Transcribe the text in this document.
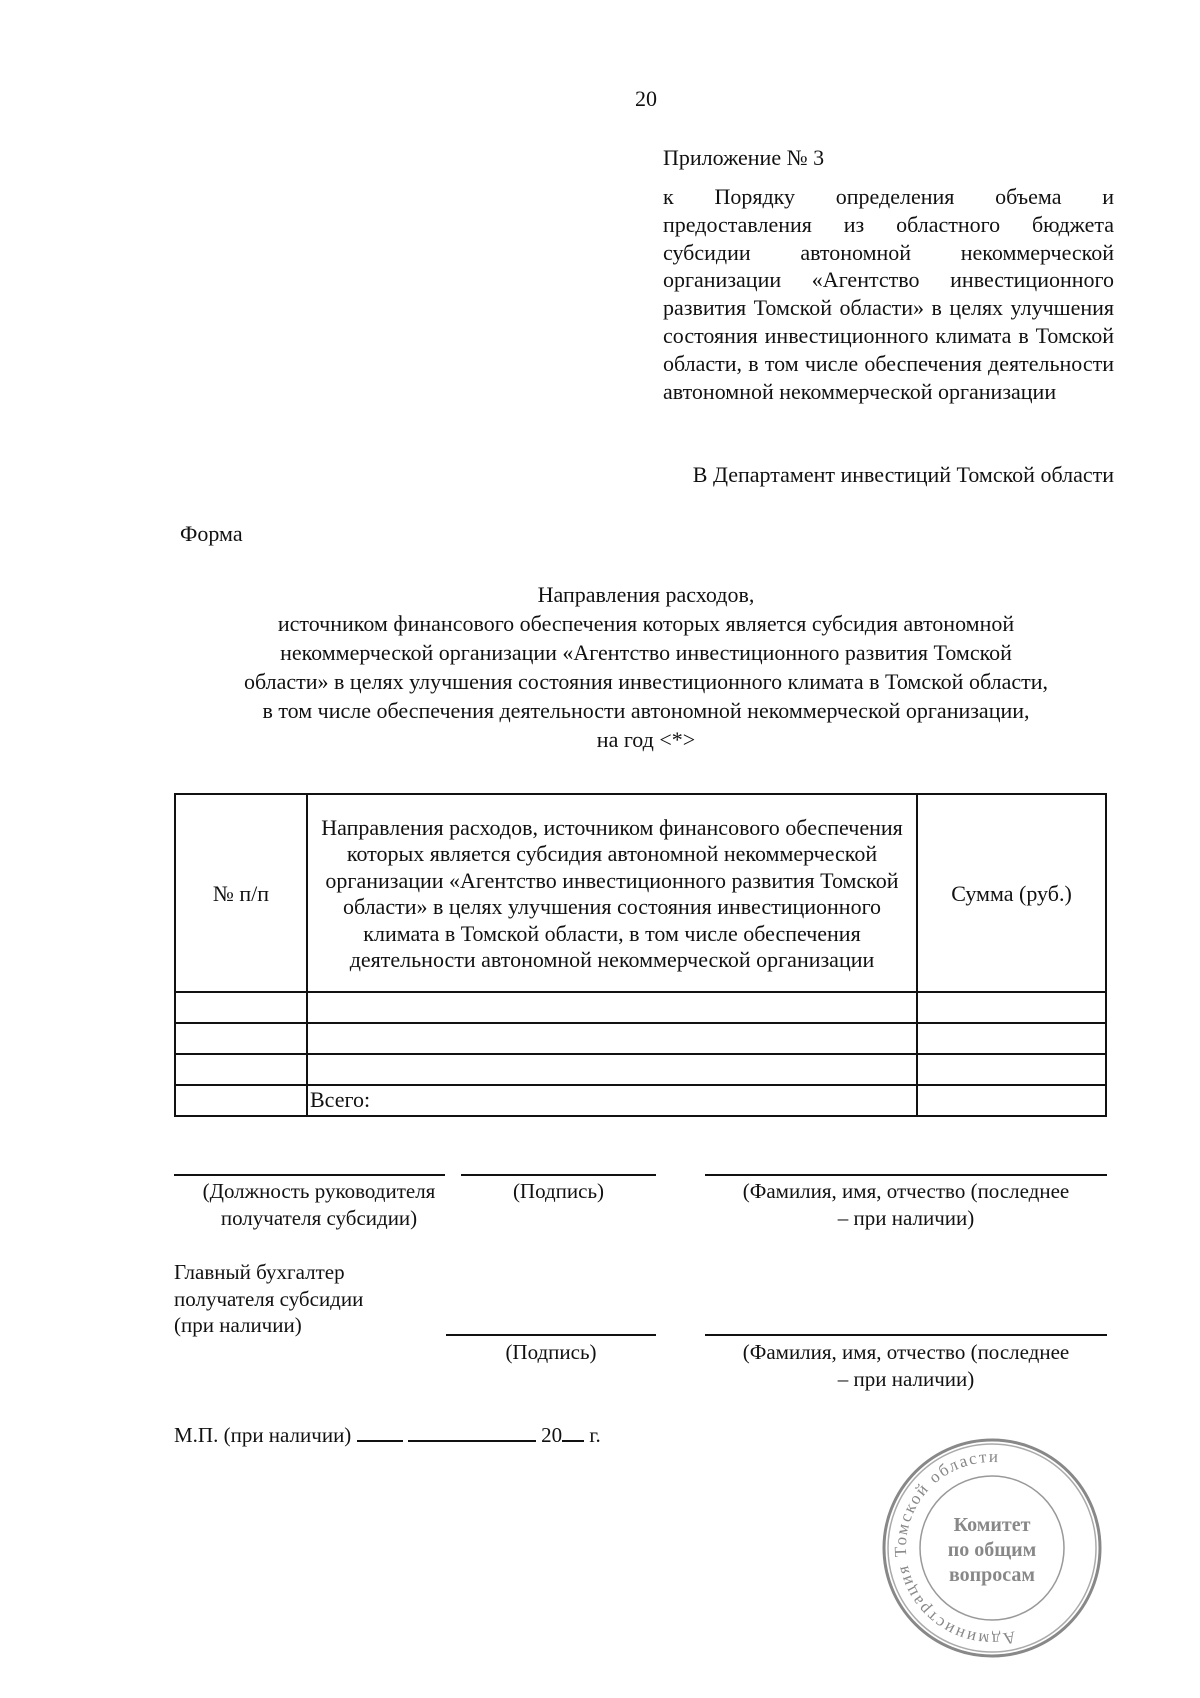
20
Приложение № 3
к Порядку определения объема и предоставления из областного бюджета субсидии автономной некоммерческой организации «Агентство инвестиционного развития Томской области» в целях улучшения состояния инвестиционного климата в Томской области, в том числе обеспечения деятельности автономной некоммерческой организации
В Департамент инвестиций Томской области
Форма
Направления расходов,
источником финансового обеспечения которых является субсидия автономной
некоммерческой организации «Агентство инвестиционного развития Томской
области» в целях улучшения состояния инвестиционного климата в Томской области,
в том числе обеспечения деятельности автономной некоммерческой организации,
на год <*>
№ п/п	Направления расходов, источником финансового обеспечения которых является субсидия автономной некоммерческой организации «Агентство инвестиционного развития Томской области» в целях улучшения состояния инвестиционного климата в Томской области, в том числе обеспечения деятельности автономной некоммерческой организации	Сумма (руб.)

	Всего:	
(Должность руководителя получателя субсидии)
(Подпись)	(Фамилия, имя, отчество (последнее – при наличии)
Главный бухгалтер
получателя субсидии
(при наличии)
(Подпись)	(Фамилия, имя, отчество (последнее – при наличии)
М.П. (при наличии)	20 г.
Администрация Томской области
Комитет
по общим
вопросам
